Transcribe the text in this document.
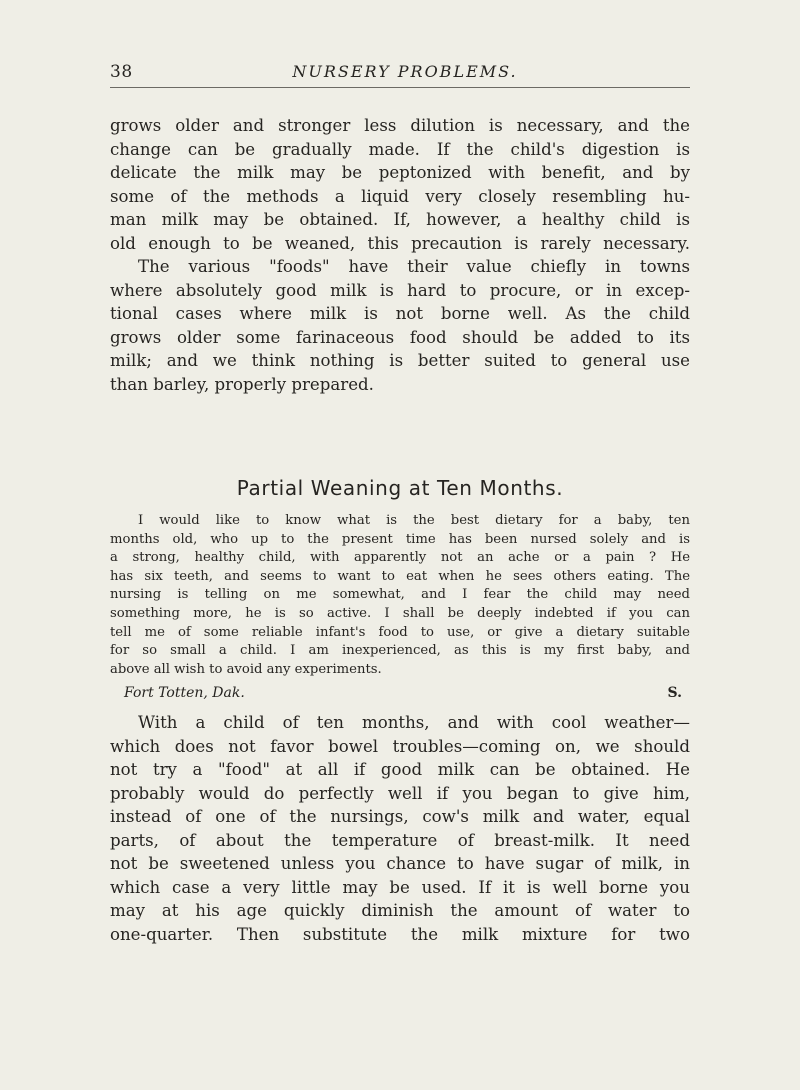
38	NURSERY PROBLEMS.

grows older and stronger less dilution is necessary, and the
change can be gradually made. If the child's digestion is
delicate the milk may be peptonized with benefit, and by
some of the methods a liquid very closely resembling hu-
man milk may be obtained. If, however, a healthy child is
old enough to be weaned, this precaution is rarely necessary.
The various "foods" have their value chiefly in towns
where absolutely good milk is hard to procure, or in excep-
tional cases where milk is not borne well. As the child
grows older some farinaceous food should be added to its
milk; and we think nothing is better suited to general use
than barley, properly prepared.

Partial Weaning at Ten Months.

I would like to know what is the best dietary for a baby, ten
months old, who up to the present time has been nursed solely and is
a strong, healthy child, with apparently not an ache or a pain ? He
has six teeth, and seems to want to eat when he sees others eating. The
nursing is telling on me somewhat, and I fear the child may need
something more, he is so active. I shall be deeply indebted if you can
tell me of some reliable infant's food to use, or give a dietary suitable
for so small a child. I am inexperienced, as this is my first baby, and
above all wish to avoid any experiments.

Fort Totten, Dak.	S.

With a child of ten months, and with cool weather—
which does not favor bowel troubles—coming on, we should
not try a "food" at all if good milk can be obtained. He
probably would do perfectly well if you began to give him,
instead of one of the nursings, cow's milk and water, equal
parts, of about the temperature of breast-milk. It need
not be sweetened unless you chance to have sugar of milk, in
which case a very little may be used. If it is well borne you
may at his age quickly diminish the amount of water to
one-quarter. Then substitute the milk mixture for two
